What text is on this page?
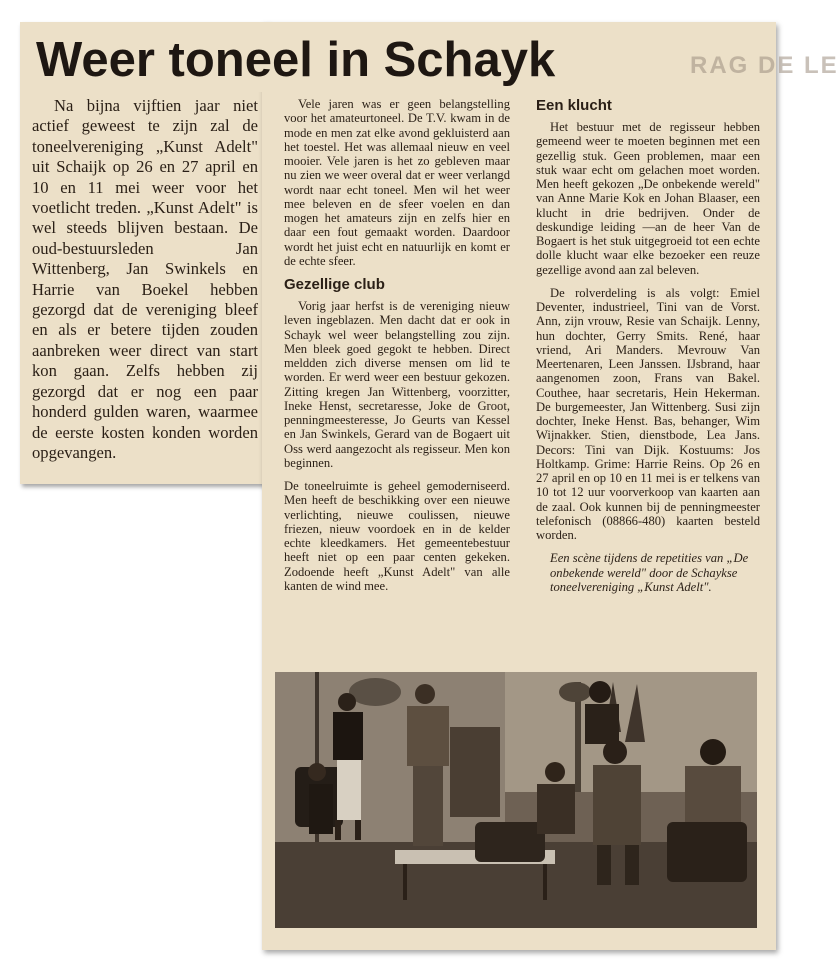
RAG DE LE
Weer toneel in Schayk

Na bijna vijftien jaar niet actief geweest te zijn zal de toneelvereniging „Kunst Adelt" uit Schaijk op 26 en 27 april en 10 en 11 mei weer voor het voetlicht treden. „Kunst Adelt" is wel steeds blijven bestaan. De oud-bestuursleden Jan Wittenberg, Jan Swinkels en Harrie van Boekel hebben gezorgd dat de vereniging bleef en als er betere tijden zouden aanbreken weer direct van start kon gaan. Zelfs hebben zij gezorgd dat er nog een paar honderd gulden waren, waarmee de eerste kosten konden worden opgevangen.

Vele jaren was er geen belangstelling voor het amateurtoneel. De T.V. kwam in de mode en men zat elke avond gekluisterd aan het toestel. Het was allemaal nieuw en veel mooier. Vele jaren is het zo gebleven maar nu zien we weer overal dat er weer verlangd wordt naar echt toneel. Men wil het weer mee beleven en de sfeer voelen en dan mogen het amateurs zijn en zelfs hier en daar een fout gemaakt worden. Daardoor wordt het juist echt en natuurlijk en komt er de echte sfeer.

Gezellige club

Vorig jaar herfst is de vereniging nieuw leven ingeblazen. Men dacht dat er ook in Schayk wel weer belangstelling zou zijn. Men bleek goed gegokt te hebben. Direct meldden zich diverse mensen om lid te worden. Er werd weer een bestuur gekozen. Zitting kregen Jan Wittenberg, voorzitter, Ineke Henst, secretaresse, Joke de Groot, penningmeesteresse, Jo Geurts van Kessel en Jan Swinkels, Gerard van de Bogaert uit Oss werd aangezocht als regisseur. Men kon beginnen.

De toneelruimte is geheel gemoderniseerd. Men heeft de beschikking over een nieuwe verlichting, nieuwe coulissen, nieuwe friezen, nieuw voordoek en in de kelder echte kleedkamers. Het gemeentebestuur heeft niet op een paar centen gekeken. Zodoende heeft „Kunst Adelt" van alle kanten de wind mee.

Een klucht

Het bestuur met de regisseur hebben gemeend weer te moeten beginnen met een gezellig stuk. Geen problemen, maar een stuk waar echt om gelachen moet worden. Men heeft gekozen „De onbekende wereld" van Anne Marie Kok en Johan Blaaser, een klucht in drie bedrijven. Onder de deskundige leiding —an de heer Van de Bogaert is het stuk uitgegroeid tot een echte dolle klucht waar elke bezoeker een reuze gezellige avond aan zal beleven.

De rolverdeling is als volgt: Emiel Deventer, industrieel, Tini van de Vorst. Ann, zijn vrouw, Resie van Schaijk. Lenny, hun dochter, Gerry Smits. René, haar vriend, Ari Manders. Mevrouw Van Meertenaren, Leen Janssen. IJsbrand, haar aangenomen zoon, Frans van Bakel. Couthee, haar secretaris, Hein Hekerman. De burgemeester, Jan Wittenberg. Susi zijn dochter, Ineke Henst. Bas, behanger, Wim Wijnakker. Stien, dienstbode, Lea Jans. Decors: Tini van Dijk. Kostuums: Jos Holtkamp. Grime: Harrie Reins. Op 26 en 27 april en op 10 en 11 mei is er telkens van 10 tot 12 uur voorverkoop van kaarten aan de zaal. Ook kunnen bij de penningmeester telefonisch (08866-480) kaarten besteld worden.

Een scène tijdens de repetities van „De onbekende wereld" door de Schaykse toneelvereniging „Kunst Adelt".
